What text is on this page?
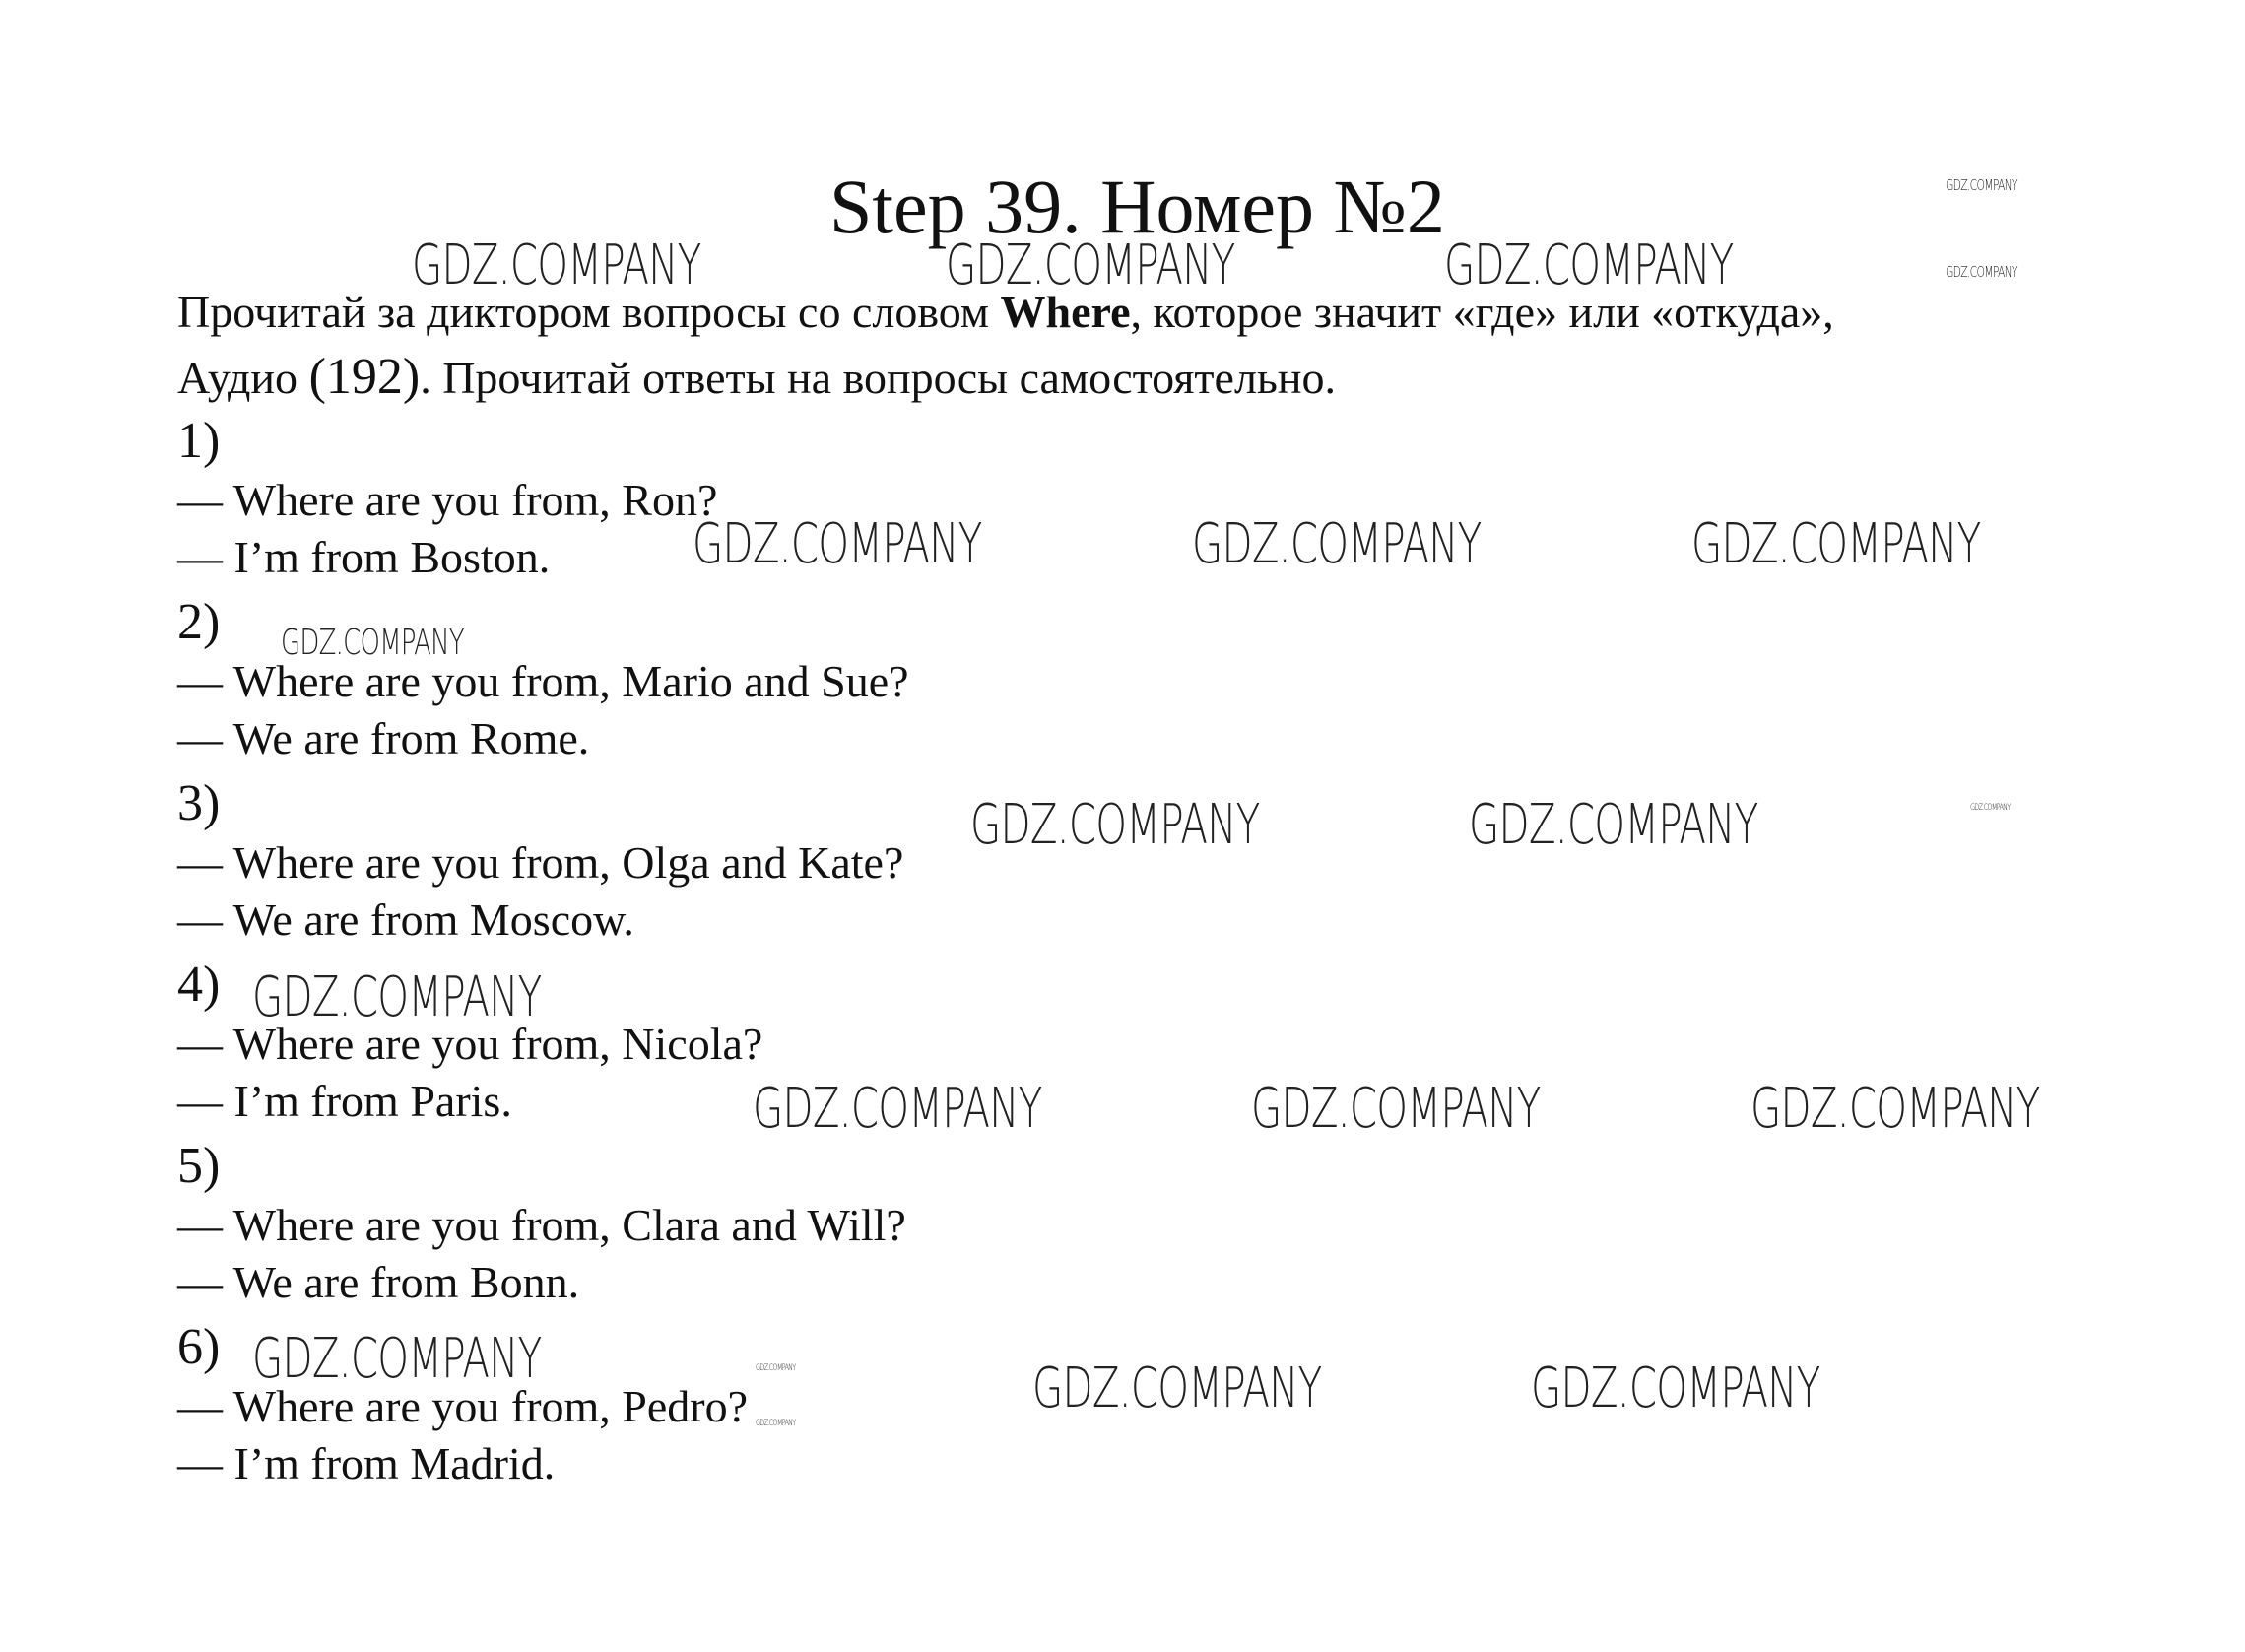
Step 39. Номер №2
Прочитай за диктором вопросы со словом Where, которое значит «где» или «откуда»,
Аудио (192). Прочитай ответы на вопросы самостоятельно.
1)
— Where are you from, Ron?
— I’m from Boston.
2)
— Where are you from, Mario and Sue?
— We are from Rome.
3)
— Where are you from, Olga and Kate?
— We are from Moscow.
4)
— Where are you from, Nicola?
— I’m from Paris.
5)
— Where are you from, Clara and Will?
— We are from Bonn.
6)
— Where are you from, Pedro?
— I’m from Madrid.
GDZ.COMPANY
GDZ.COMPANY
GDZ.COMPANY	GDZ.COMPANY	GDZ.COMPANY
GDZ.COMPANY	GDZ.COMPANY	GDZ.COMPANY
GDZ.COMPANY
GDZ.COMPANY	GDZ.COMPANY	GDZ.COMPANY
GDZ.COMPANY
GDZ.COMPANY	GDZ.COMPANY	GDZ.COMPANY
GDZ.COMPANY	GDZ.COMPANY
GDZ.COMPANY
GDZ.COMPANY	GDZ.COMPANY
